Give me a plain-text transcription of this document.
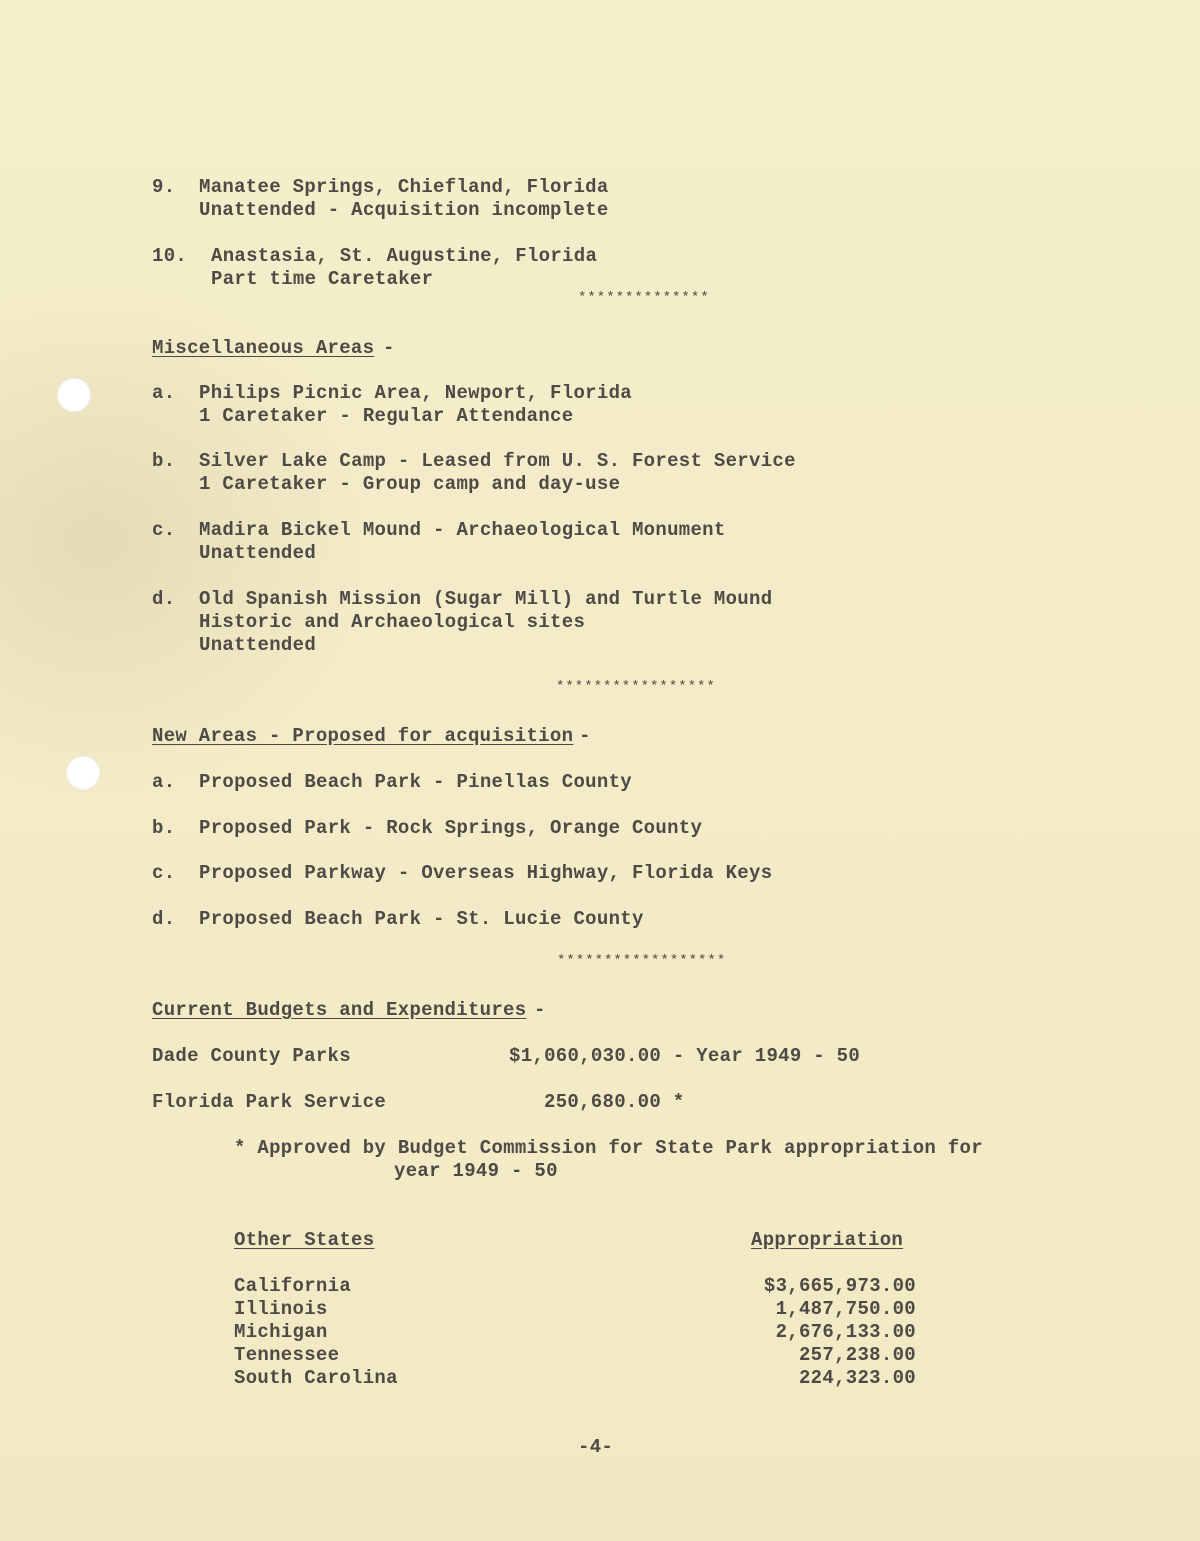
9. Manatee Springs, Chiefland, Florida
Unattended - Acquisition incomplete
10. Anastasia, St. Augustine, Florida
Part time Caretaker
**************
Miscellaneous Areas -
a. Philips Picnic Area, Newport, Florida
1 Caretaker - Regular Attendance
b. Silver Lake Camp - Leased from U. S. Forest Service
1 Caretaker - Group camp and day-use
c. Madira Bickel Mound - Archaeological Monument
Unattended
d. Old Spanish Mission (Sugar Mill) and Turtle Mound
Historic and Archaeological sites
Unattended
*****************
New Areas - Proposed for acquisition -
a. Proposed Beach Park - Pinellas County
b. Proposed Park - Rock Springs, Orange County
c. Proposed Parkway - Overseas Highway, Florida Keys
d. Proposed Beach Park - St. Lucie County
******************
Current Budgets and Expenditures -
Dade County Parks	$1,060,030.00 - Year 1949 - 50
Florida Park Service	250,680.00 *
* Approved by Budget Commission for State Park appropriation for
year 1949 - 50
Other States	Appropriation
California	$3,665,973.00
Illinois	1,487,750.00
Michigan	2,676,133.00
Tennessee	257,238.00
South Carolina	224,323.00
-4-
